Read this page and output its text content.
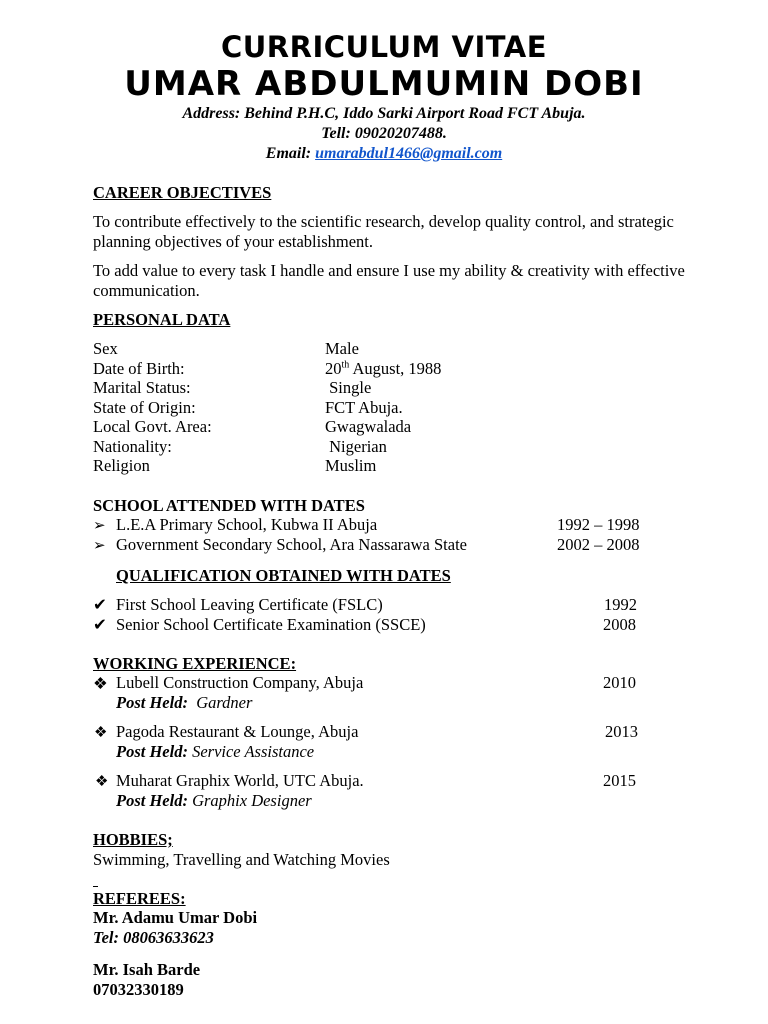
CURRICULUM VITAE
UMAR ABDULMUMIN DOBI
Address: Behind P.H.C, Iddo Sarki Airport Road FCT Abuja.
Tell: 09020207488.
Email: umarabdul1466@gmail.com
CAREER OBJECTIVES
To contribute effectively to the scientific research, develop quality control, and strategic planning objectives of your establishment.
To add value to every task I handle and ensure I use my ability & creativity with effective communication.
PERSONAL DATA
Sex	Male
Date of Birth:	20th August, 1988
Marital Status:	Single
State of Origin:	FCT Abuja.
Local Govt. Area:	Gwagwalada
Nationality:	Nigerian
Religion	Muslim
SCHOOL ATTENDED WITH DATES
➢ L.E.A Primary School, Kubwa II Abuja	1992 – 1998
➢ Government Secondary School, Ara Nassarawa State	2002 – 2008
QUALIFICATION OBTAINED WITH DATES
✔ First School Leaving Certificate (FSLC)	1992
✔ Senior School Certificate Examination (SSCE)	2008
WORKING EXPERIENCE:
❖ Lubell Construction Company, Abuja	2010
Post Held:  Gardner
❖ Pagoda Restaurant & Lounge, Abuja	2013
Post Held: Service Assistance
❖ Muharat Graphix World, UTC Abuja.	2015
Post Held: Graphix Designer
HOBBIES;
Swimming, Travelling and Watching Movies
REFEREES:
Mr. Adamu Umar Dobi
Tel: 08063633623
Mr. Isah Barde
07032330189
